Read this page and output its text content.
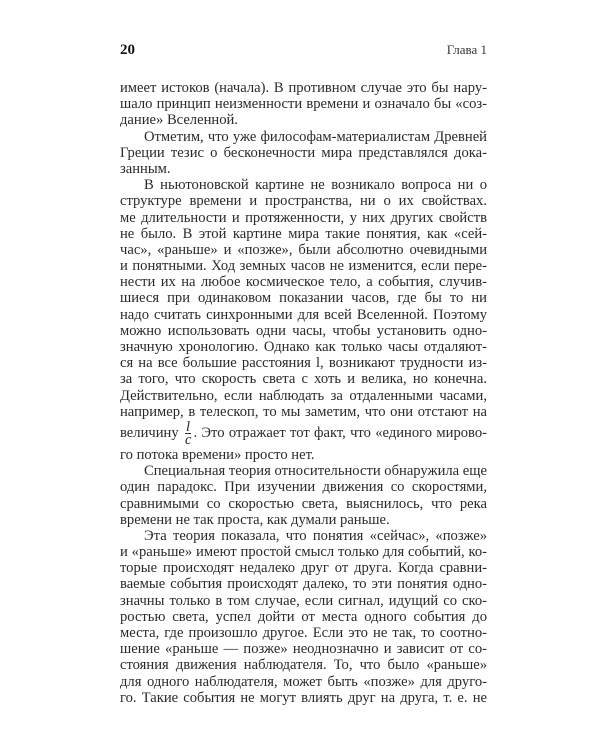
20	Глава 1
имеет истоков (начала). В противном случае это бы нару-
шало принцип неизменности времени и означало бы «соз-
дание» Вселенной.
Отметим, что уже философам-материалистам Древней
Греции тезис о бесконечности мира представлялся дока-
занным.
В ньютоновской картине не возникало вопроса ни о
структуре времени и пространства, ни о их свойствах.
ме длительности и протяженности, у них других свойств
не было. В этой картине мира такие понятия, как «сей-
час», «раньше» и «позже», были абсолютно очевидными
и понятными. Ход земных часов не изменится, если пере-
нести их на любое космическое тело, а события, случив-
шиеся при одинаковом показании часов, где бы то ни
надо считать синхронными для всей Вселенной. Поэтому
можно использовать одни часы, чтобы установить одно-
значную хронологию. Однако как только часы отдаляют-
ся на все большие расстояния l, возникают трудности из-
за того, что скорость света c хоть и велика, но конечна.
Действительно, если наблюдать за отдаленными часами,
например, в телескоп, то мы заметим, что они отстают на
величину $\frac{l}{c}$ . Это отражает тот факт, что «единого мирово-
го потока времени» просто нет.
Специальная теория относительности обнаружила еще
один парадокс. При изучении движения со скоростями,
сравнимыми со скоростью света, выяснилось, что река
времени не так проста, как думали раньше.
Эта теория показала, что понятия «сейчас», «позже»
и «раньше» имеют простой смысл только для событий, ко-
торые происходят недалеко друг от друга. Когда сравни-
ваемые события происходят далеко, то эти понятия одно-
значны только в том случае, если сигнал, идущий со ско-
ростью света, успел дойти от места одного события до
места, где произошло другое. Если это не так, то соотно-
шение «раньше — позже» неоднозначно и зависит от со-
стояния движения наблюдателя. То, что было «раньше»
для одного наблюдателя, может быть «позже» для друго-
го. Такие события не могут влиять друг на друга, т. е. не
